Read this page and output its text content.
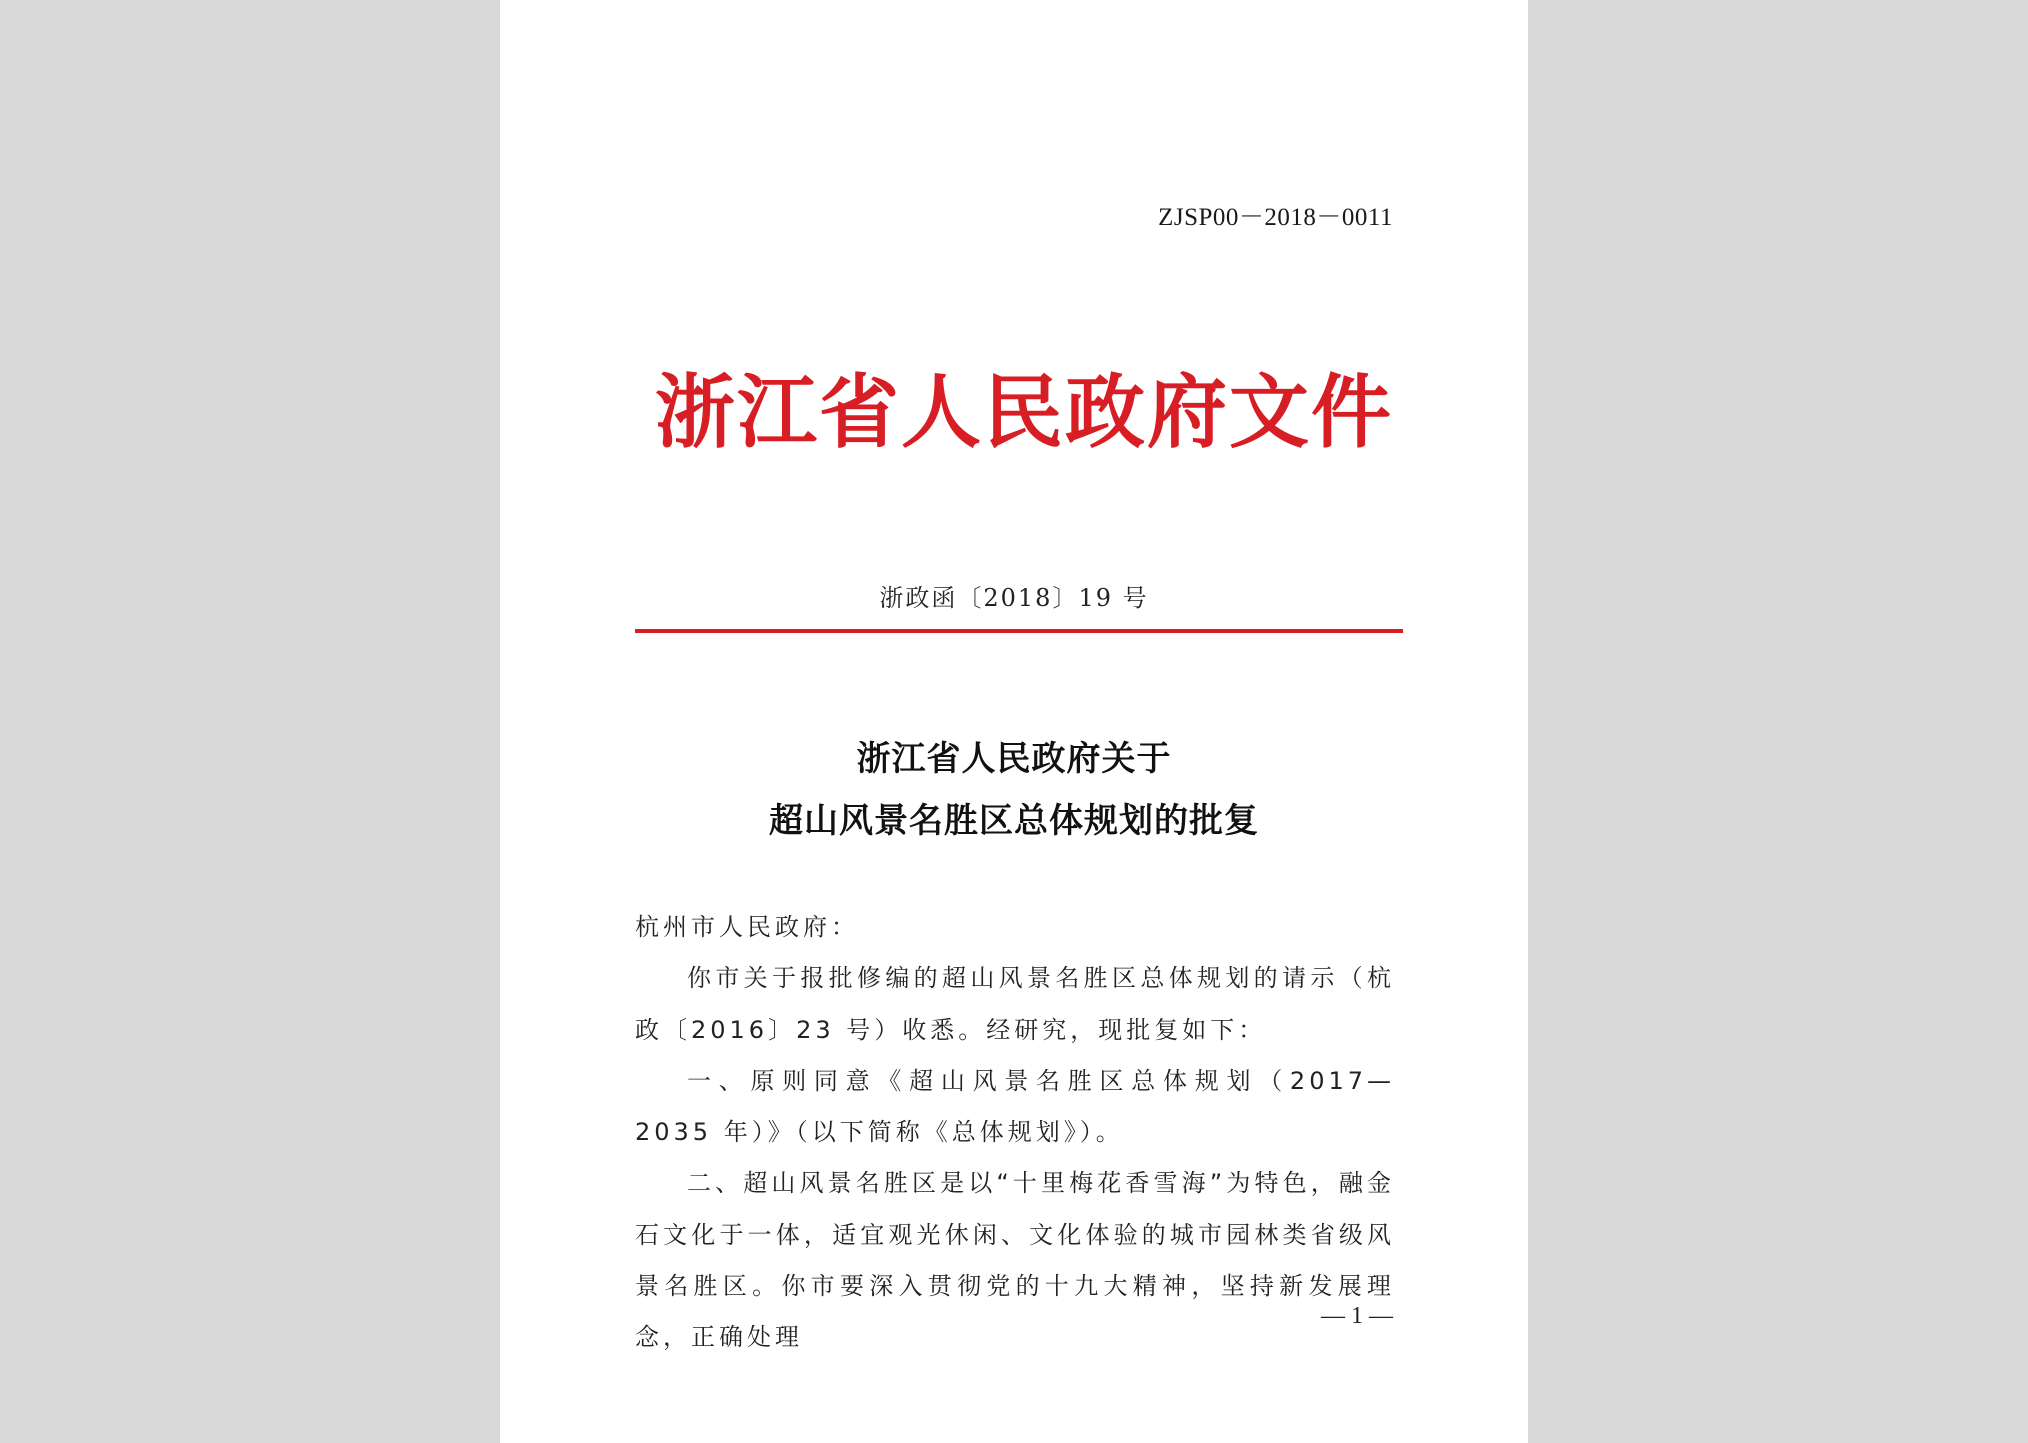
ZJSP00－2018－0011
浙江省人民政府文件
浙政函〔2018〕19 号
浙江省人民政府关于
超山风景名胜区总体规划的批复

杭州市人民政府：

你市关于报批修编的超山风景名胜区总体规划的请示（杭政〔2016〕23 号）收悉。经研究，现批复如下：

一、原则同意《超山风景名胜区总体规划（2017—2035 年）》（以下简称《总体规划》）。

二、超山风景名胜区是以“十里梅花香雪海”为特色，融金石文化于一体，适宜观光休闲、文化体验的城市园林类省级风景名胜区。你市要深入贯彻党的十九大精神，坚持新发展理念，正确处理

— 1 —
